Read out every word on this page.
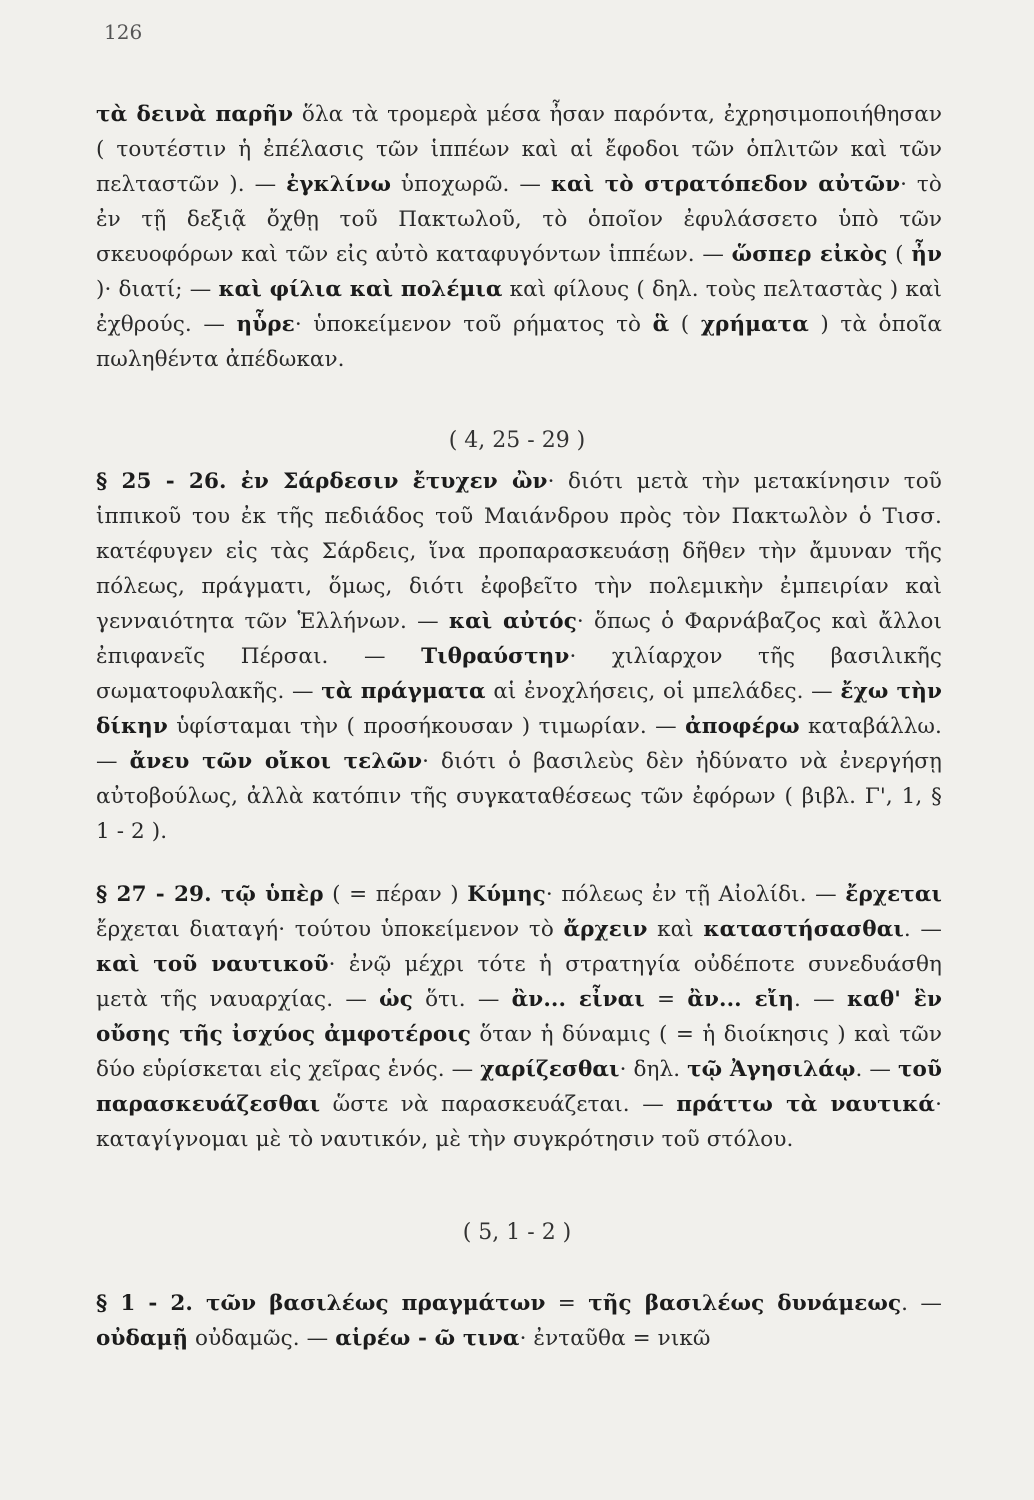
126
τὰ δεινὰ παρῆν ὅλα τὰ τρομερὰ μέσα ἦσαν παρόντα, ἐχρησιμοποιήθησαν ( τουτέστιν ἡ ἐπέλασις τῶν ἱππέων καὶ αἱ ἔφοδοι τῶν ὁπλιτῶν καὶ τῶν πελταστῶν ). — ἐγκλίνω ὑποχωρῶ. — καὶ τὸ στρατόπεδον αὐτῶν· τὸ ἐν τῇ δεξιᾷ ὄχθῃ τοῦ Πακτωλοῦ, τὸ ὁποῖον ἐφυλάσσετο ὑπὸ τῶν σκευοφόρων καὶ τῶν εἰς αὐτὸ καταφυγόντων ἱππέων. — ὥσπερ εἰκὸς ( ἦν )· διατί; — καὶ φίλια καὶ πολέμια καὶ φίλους ( δηλ. τοὺς πελταστὰς ) καὶ ἐχθρούς. — ηὗρε· ὑποκείμενον τοῦ ρήματος τὸ ἃ ( χρήματα ) τὰ ὁποῖα πωληθέντα ἀπέδωκαν.
( 4, 25 - 29 )
§ 25 - 26. ἐν Σάρδεσιν ἔτυχεν ὢν· διότι μετὰ τὴν μετακίνησιν τοῦ ἱππικοῦ του ἐκ τῆς πεδιάδος τοῦ Μαιάνδρου πρὸς τὸν Πακτωλὸν ὁ Τισσ. κατέφυγεν εἰς τὰς Σάρδεις, ἵνα προπαρασκευάσῃ δῆθεν τὴν ἄμυναν τῆς πόλεως, πράγματι, ὅμως, διότι ἐφοβεῖτο τὴν πολεμικὴν ἐμπειρίαν καὶ γενναιότητα τῶν Ἑλλήνων. — καὶ αὐτός· ὅπως ὁ Φαρνάβαζος καὶ ἄλλοι ἐπιφανεῖς Πέρσαι. — Τιθραύστην· χιλίαρχον τῆς βασιλικῆς σωματοφυλακῆς. — τὰ πράγματα αἱ ἐνοχλήσεις, οἱ μπελάδες. — ἔχω τὴν δίκην ὑφίσταμαι τὴν ( προσήκουσαν ) τιμωρίαν. — ἀποφέρω καταβάλλω. — ἄνευ τῶν οἴκοι τελῶν· διότι ὁ βασιλεὺς δὲν ἠδύνατο νὰ ἐνεργήσῃ αὐτοβούλως, ἀλλὰ κατόπιν τῆς συγκαταθέσεως τῶν ἐφόρων ( βιβλ. Γ', 1, § 1 - 2 ).
§ 27 - 29. τῷ ὑπὲρ ( = πέραν ) Κύμης· πόλεως ἐν τῇ Αἰολίδι. — ἔρχεται ἔρχεται διαταγή· τούτου ὑποκείμενον τὸ ἄρχειν καὶ καταστήσασθαι. — καὶ τοῦ ναυτικοῦ· ἐνῷ μέχρι τότε ἡ στρατηγία οὐδέποτε συνεδυάσθη μετὰ τῆς ναυαρχίας. — ὡς ὅτι. — ἂν... εἶναι = ἂν... εἴη. — καθ' ἓν οὔσης τῆς ἰσχύος ἀμφοτέροις ὅταν ἡ δύναμις ( = ἡ διοίκησις ) καὶ τῶν δύο εὑρίσκεται εἰς χεῖρας ἑνός. — χαρίζεσθαι· δηλ. τῷ Ἀγησιλάῳ. — τοῦ παρασκευάζεσθαι ὥστε νὰ παρασκευάζεται. — πράττω τὰ ναυτικά· καταγίγνομαι μὲ τὸ ναυτικόν, μὲ τὴν συγκρότησιν τοῦ στόλου.
( 5, 1 - 2 )
§ 1 - 2. τῶν βασιλέως πραγμάτων = τῆς βασιλέως δυνάμεως. — οὐδαμῇ οὐδαμῶς. — αἱρέω - ῶ τινα· ἐνταῦθα = νικῶ
